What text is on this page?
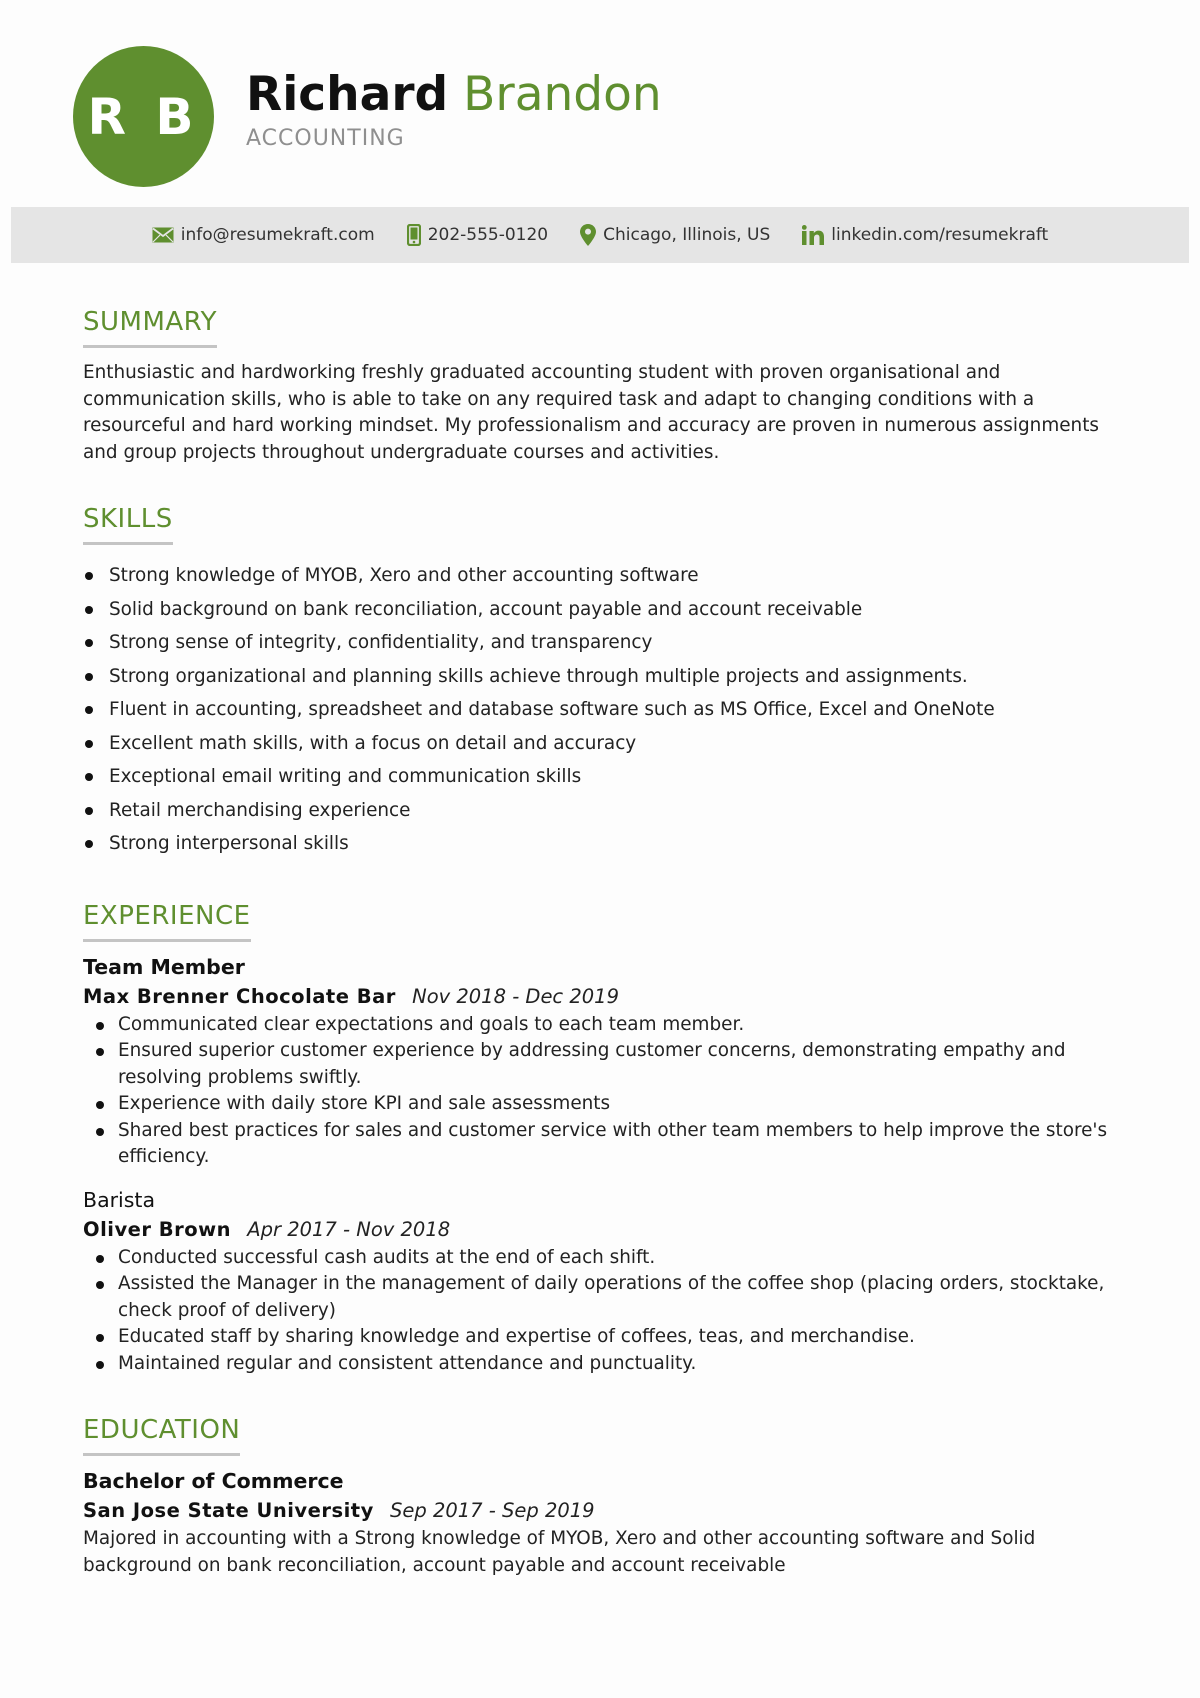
R B Richard Brandon
ACCOUNTING
info@resumekraft.com	202-555-0120	Chicago, Illinois, US	linkedin.com/resumekraft
SUMMARY
Enthusiastic and hardworking freshly graduated accounting student with proven organisational and communication skills, who is able to take on any required task and adapt to changing conditions with a resourceful and hard working mindset. My professionalism and accuracy are proven in numerous assignments and group projects throughout undergraduate courses and activities.
SKILLS
Strong knowledge of MYOB, Xero and other accounting software
Solid background on bank reconciliation, account payable and account receivable
Strong sense of integrity, confidentiality, and transparency
Strong organizational and planning skills achieve through multiple projects and assignments.
Fluent in accounting, spreadsheet and database software such as MS Office, Excel and OneNote
Excellent math skills, with a focus on detail and accuracy
Exceptional email writing and communication skills
Retail merchandising experience
Strong interpersonal skills
EXPERIENCE
Team Member
Max Brenner Chocolate Bar Nov 2018 - Dec 2019
Communicated clear expectations and goals to each team member.
Ensured superior customer experience by addressing customer concerns, demonstrating empathy and resolving problems swiftly.
Experience with daily store KPI and sale assessments
Shared best practices for sales and customer service with other team members to help improve the store's efficiency.
Barista
Oliver Brown Apr 2017 - Nov 2018
Conducted successful cash audits at the end of each shift.
Assisted the Manager in the management of daily operations of the coffee shop (placing orders, stocktake, check proof of delivery)
Educated staff by sharing knowledge and expertise of coffees, teas, and merchandise.
Maintained regular and consistent attendance and punctuality.
EDUCATION
Bachelor of Commerce
San Jose State University Sep 2017 - Sep 2019
Majored in accounting with a Strong knowledge of MYOB, Xero and other accounting software and Solid background on bank reconciliation, account payable and account receivable
